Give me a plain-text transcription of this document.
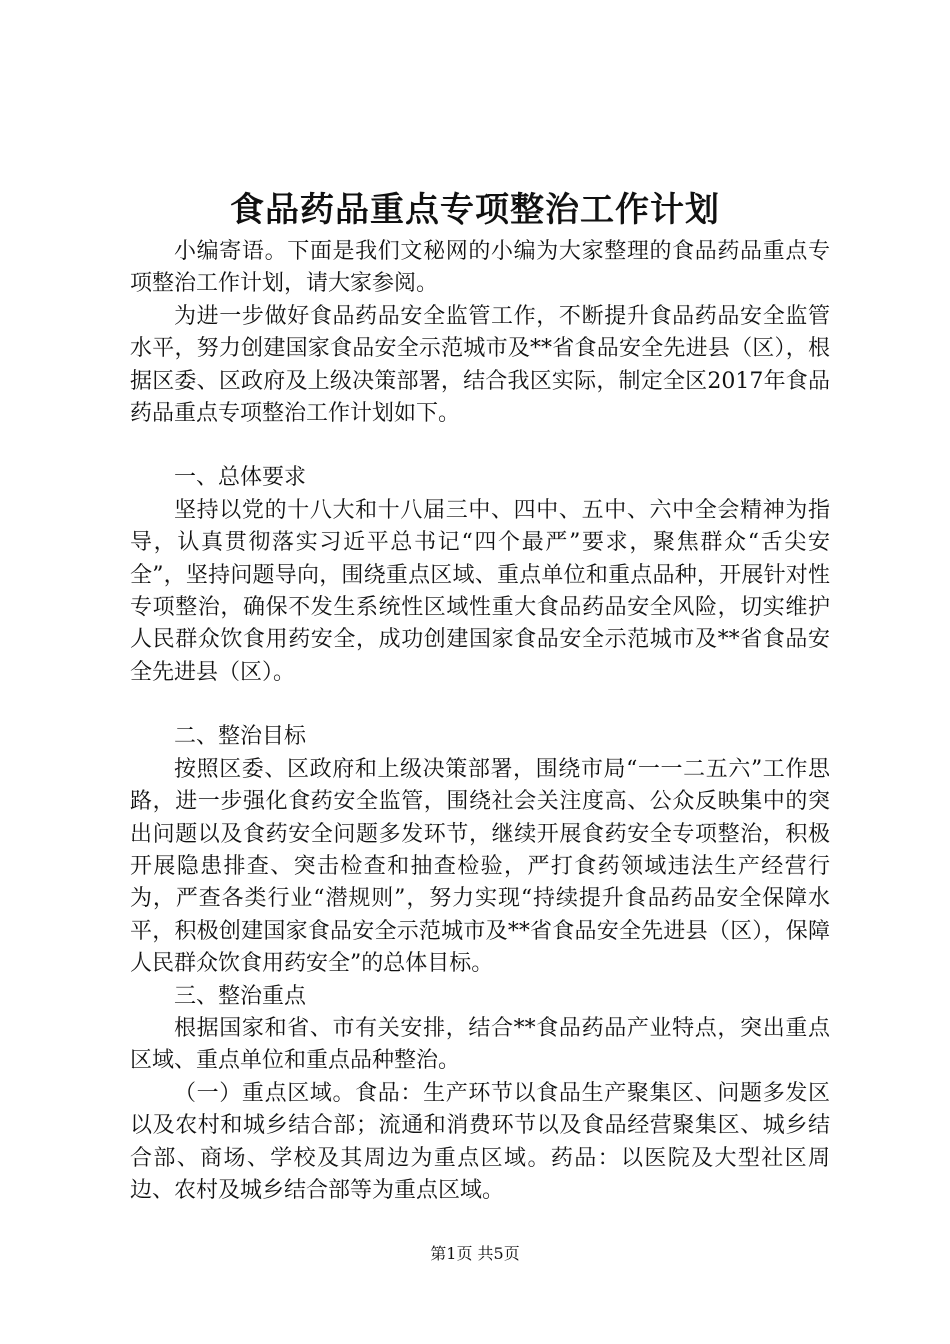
食品药品重点专项整治工作计划

小编寄语。下面是我们文秘网的小编为大家整理的食品药品重点专项整治工作计划，请大家参阅。

为进一步做好食品药品安全监管工作，不断提升食品药品安全监管水平，努力创建国家食品安全示范城市及**省食品安全先进县（区），根据区委、区政府及上级决策部署，结合我区实际，制定全区2017年食品药品重点专项整治工作计划如下。

一、总体要求

坚持以党的十八大和十八届三中、四中、五中、六中全会精神为指导，认真贯彻落实习近平总书记“四个最严”要求，聚焦群众“舌尖安全”，坚持问题导向，围绕重点区域、重点单位和重点品种，开展针对性专项整治，确保不发生系统性区域性重大食品药品安全风险，切实维护人民群众饮食用药安全，成功创建国家食品安全示范城市及**省食品安全先进县（区）。

二、整治目标

按照区委、区政府和上级决策部署，围绕市局“一一二五六”工作思路，进一步强化食药安全监管，围绕社会关注度高、公众反映集中的突出问题以及食药安全问题多发环节，继续开展食药安全专项整治，积极开展隐患排查、突击检查和抽查检验，严打食药领域违法生产经营行为，严查各类行业“潜规则”，努力实现“持续提升食品药品安全保障水平，积极创建国家食品安全示范城市及**省食品安全先进县（区），保障人民群众饮食用药安全”的总体目标。

三、整治重点

根据国家和省、市有关安排，结合**食品药品产业特点，突出重点区域、重点单位和重点品种整治。

（一）重点区域。食品：生产环节以食品生产聚集区、问题多发区以及农村和城乡结合部；流通和消费环节以及食品经营聚集区、城乡结合部、商场、学校及其周边为重点区域。药品：以医院及大型社区周边、农村及城乡结合部等为重点区域。

第1页 共5页
